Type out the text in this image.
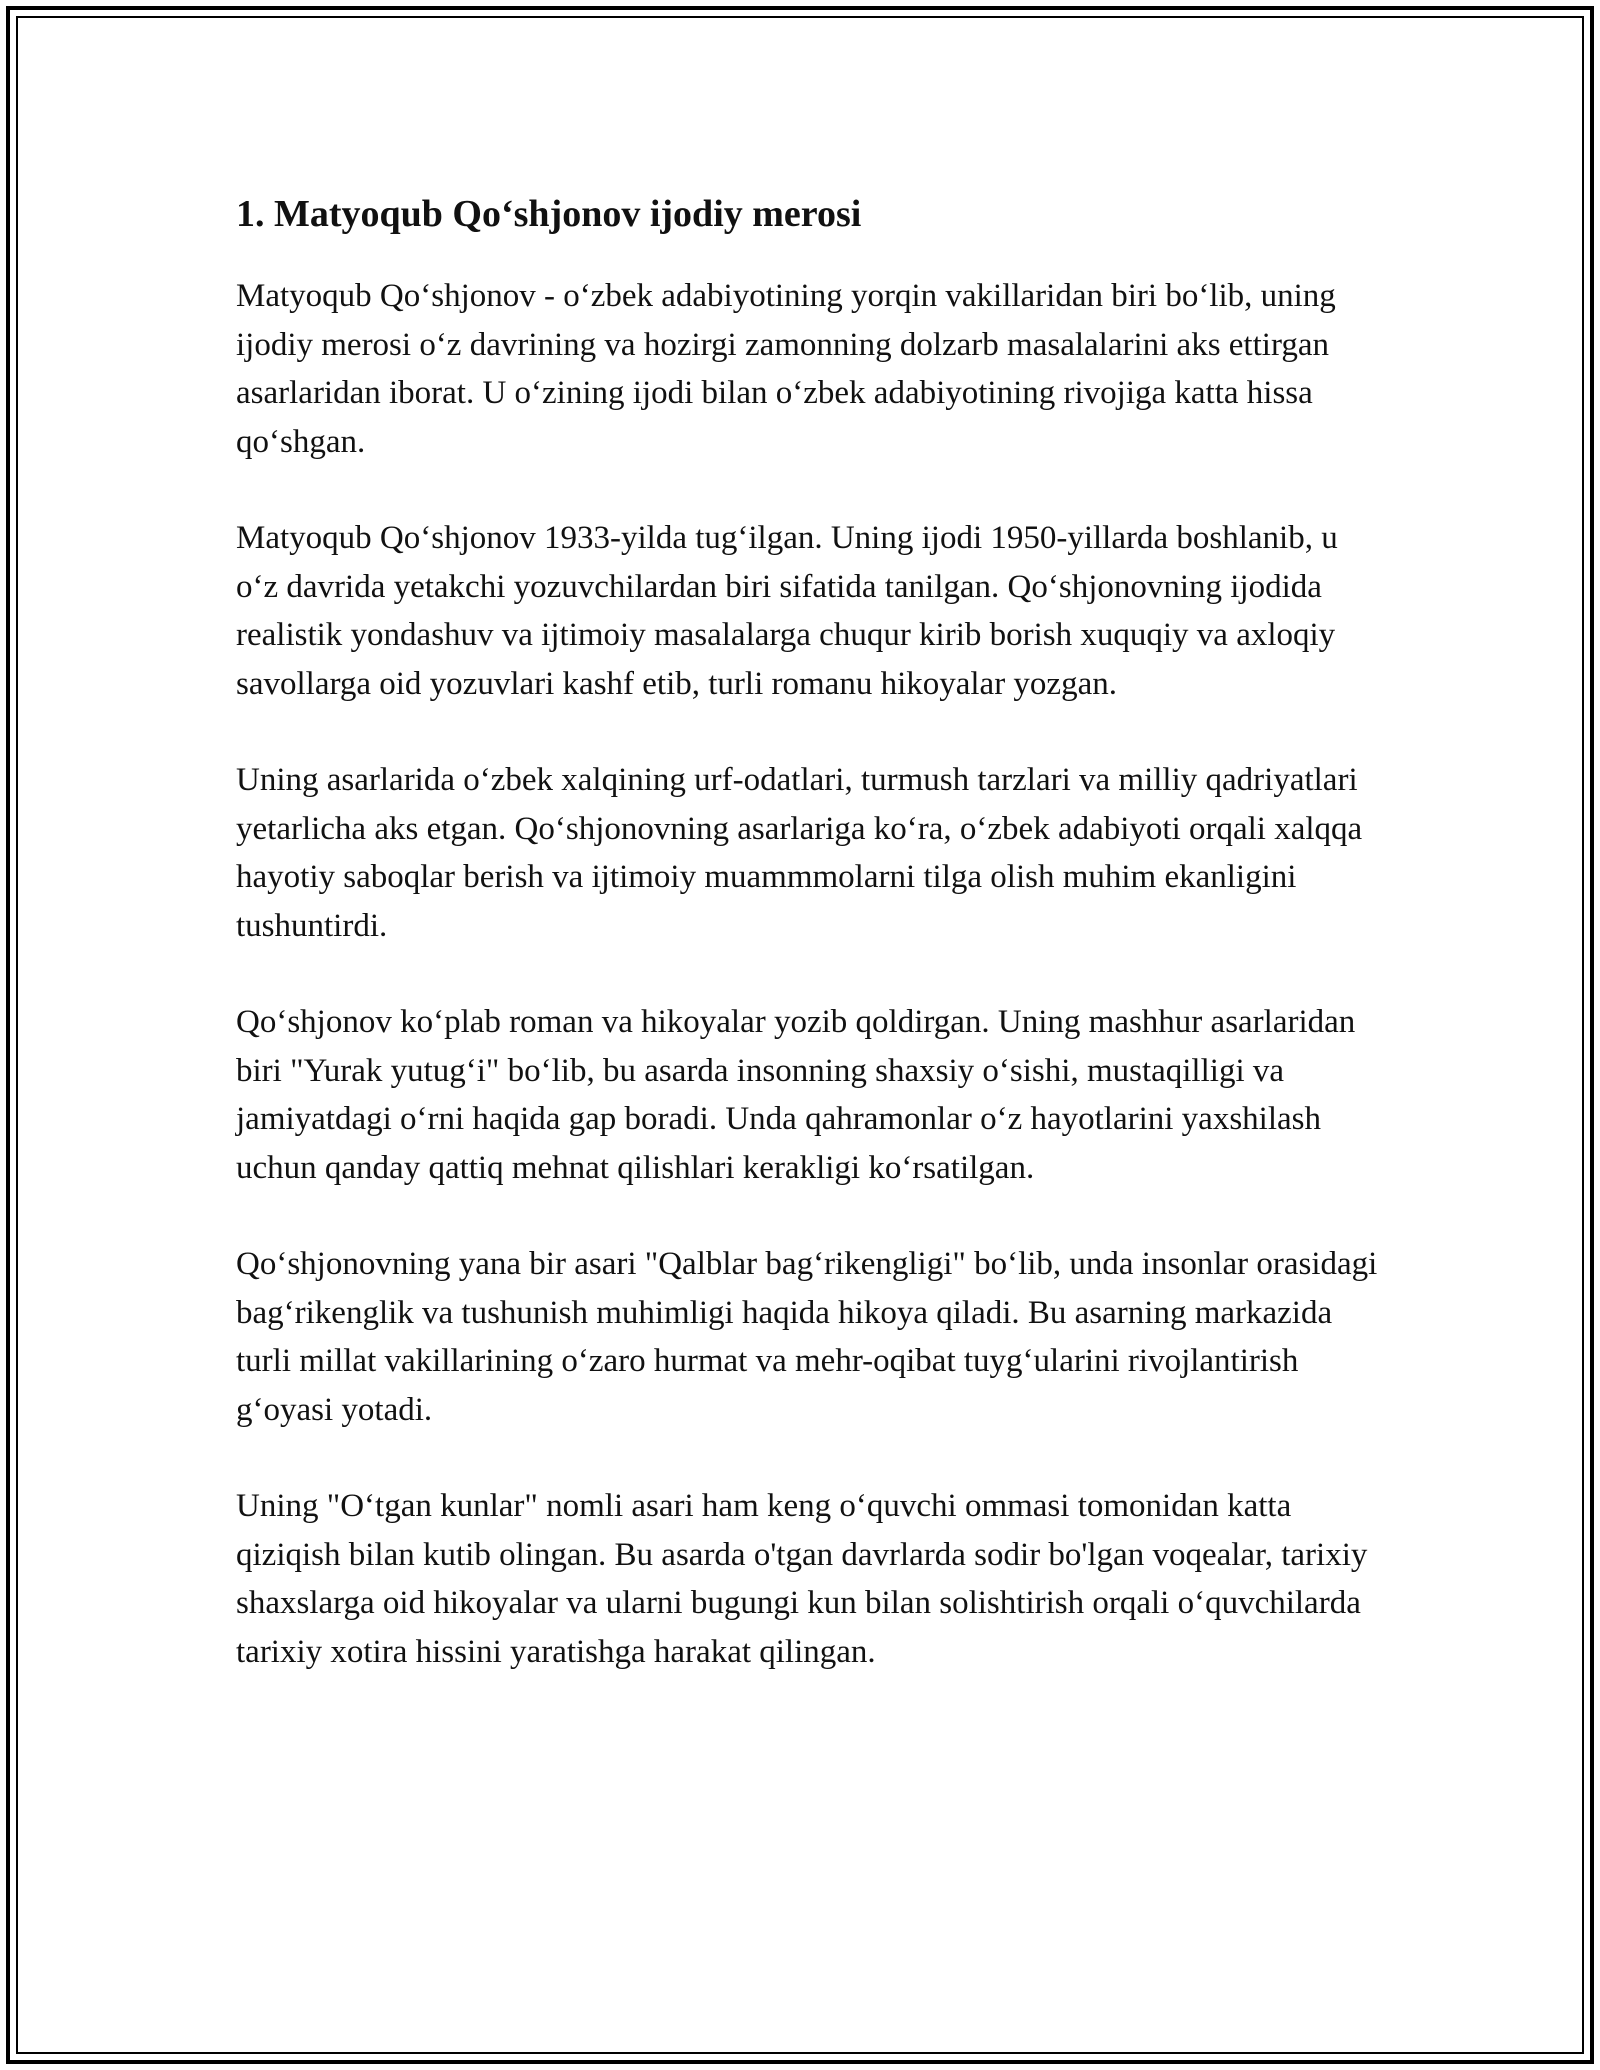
1. Matyoqub Qo‘shjonov ijodiy merosi

Matyoqub Qo‘shjonov - o‘zbek adabiyotining yorqin vakillaridan biri bo‘lib, uning ijodiy merosi o‘z davrining va hozirgi zamonning dolzarb masalalarini aks ettirgan asarlaridan iborat. U o‘zining ijodi bilan o‘zbek adabiyotining rivojiga katta hissa qo‘shgan.

Matyoqub Qo‘shjonov 1933-yilda tug‘ilgan. Uning ijodi 1950-yillarda boshlanib, u o‘z davrida yetakchi yozuvchilardan biri sifatida tanilgan. Qo‘shjonovning ijodida realistik yondashuv va ijtimoiy masalalarga chuqur kirib borish xuquqiy va axloqiy savollarga oid yozuvlari kashf etib, turli romanu hikoyalar yozgan.

Uning asarlarida o‘zbek xalqining urf-odatlari, turmush tarzlari va milliy qadriyatlari yetarlicha aks etgan. Qo‘shjonovning asarlariga ko‘ra, o‘zbek adabiyoti orqali xalqqa hayotiy saboqlar berish va ijtimoiy muammmolarni tilga olish muhim ekanligini tushuntirdi.

Qo‘shjonov ko‘plab roman va hikoyalar yozib qoldirgan. Uning mashhur asarlaridan biri "Yurak yutug‘i" bo‘lib, bu asarda insonning shaxsiy o‘sishi, mustaqilligi va jamiyatdagi o‘rni haqida gap boradi. Unda qahramonlar o‘z hayotlarini yaxshilash uchun qanday qattiq mehnat qilishlari kerakligi ko‘rsatilgan.

Qo‘shjonovning yana bir asari "Qalblar bag‘rikengligi" bo‘lib, unda insonlar orasidagi bag‘rikenglik va tushunish muhimligi haqida hikoya qiladi. Bu asarning markazida turli millat vakillarining o‘zaro hurmat va mehr-oqibat tuyg‘ularini rivojlantirish g‘oyasi yotadi.

Uning "O‘tgan kunlar" nomli asari ham keng o‘quvchi ommasi tomonidan katta qiziqish bilan kutib olingan. Bu asarda o'tgan davrlarda sodir bo'lgan voqealar, tarixiy shaxslarga oid hikoyalar va ularni bugungi kun bilan solishtirish orqali o‘quvchilarda tarixiy xotira hissini yaratishga harakat qilingan.
